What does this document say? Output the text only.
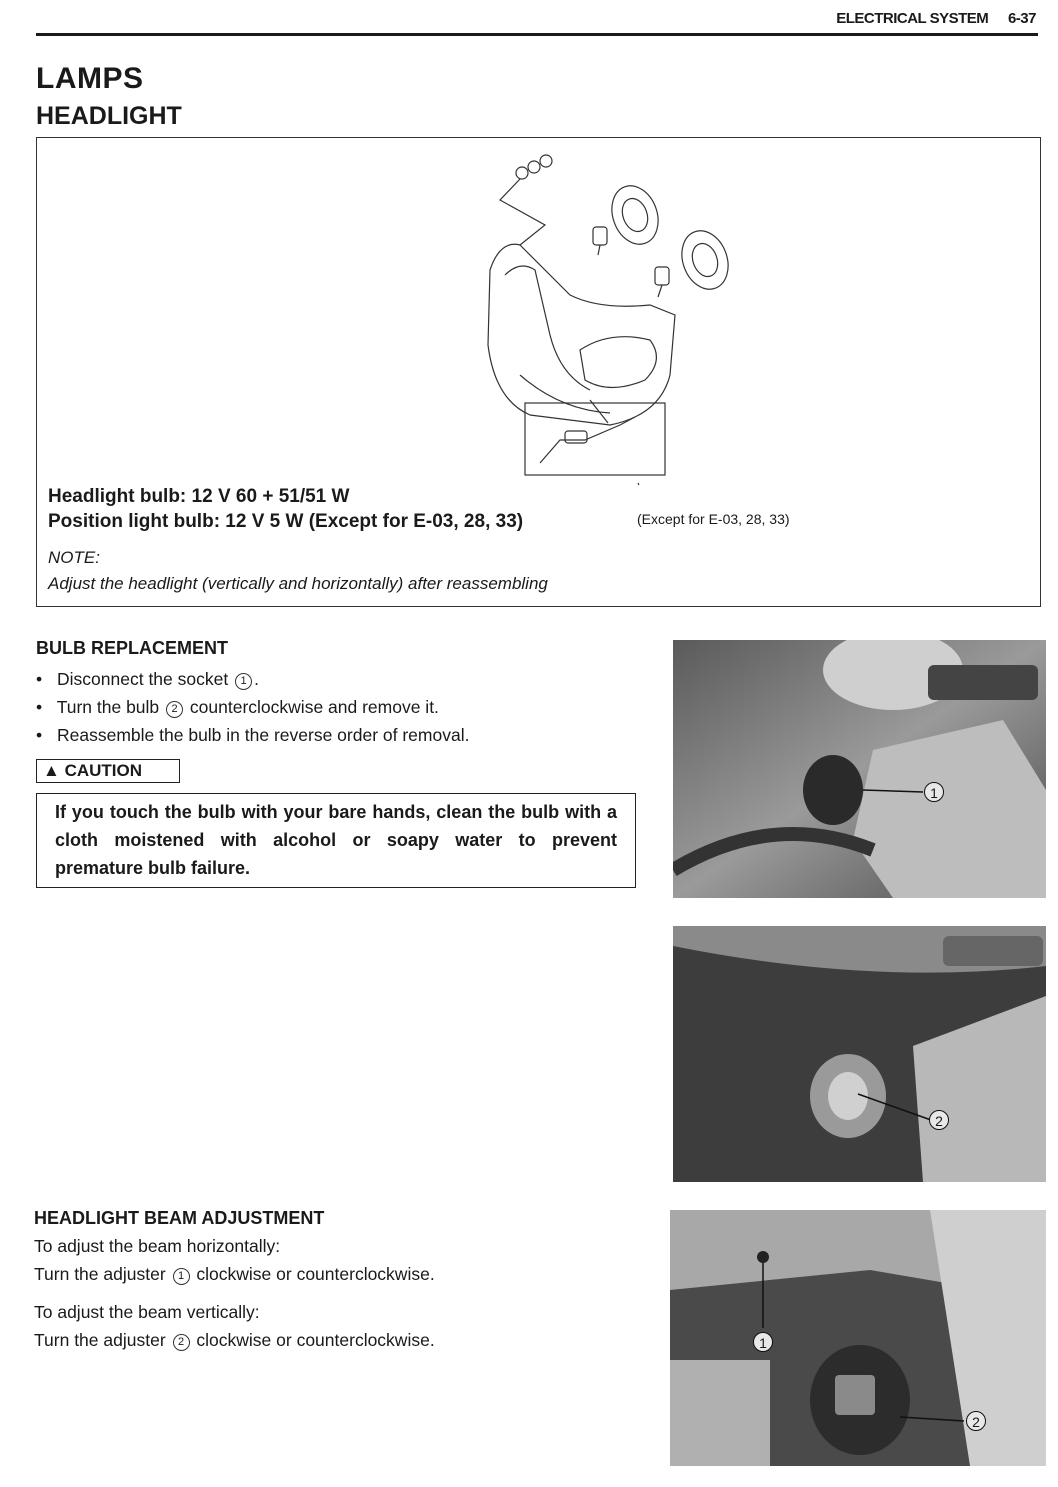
ELECTRICAL SYSTEM 6-37
LAMPS
HEADLIGHT
Headlight bulb: 12 V 60 + 51/51 W
Position light bulb: 12 V 5 W (Except for E-03, 28, 33)	(Except for E-03, 28, 33)
NOTE:
Adjust the headlight (vertically and horizontally) after reassembling
BULB REPLACEMENT
• Disconnect the socket 1 .
• Turn the bulb 2 counterclockwise and remove it.
• Reassemble the bulb in the reverse order of removal.
▲ CAUTION
If you touch the bulb with your bare hands, clean the bulb with a cloth moistened with alcohol or soapy water to prevent premature bulb failure.
1
2
HEADLIGHT BEAM ADJUSTMENT
To adjust the beam horizontally:
Turn the adjuster 1 clockwise or counterclockwise.
To adjust the beam vertically:
Turn the adjuster 2 clockwise or counterclockwise.	1
2
